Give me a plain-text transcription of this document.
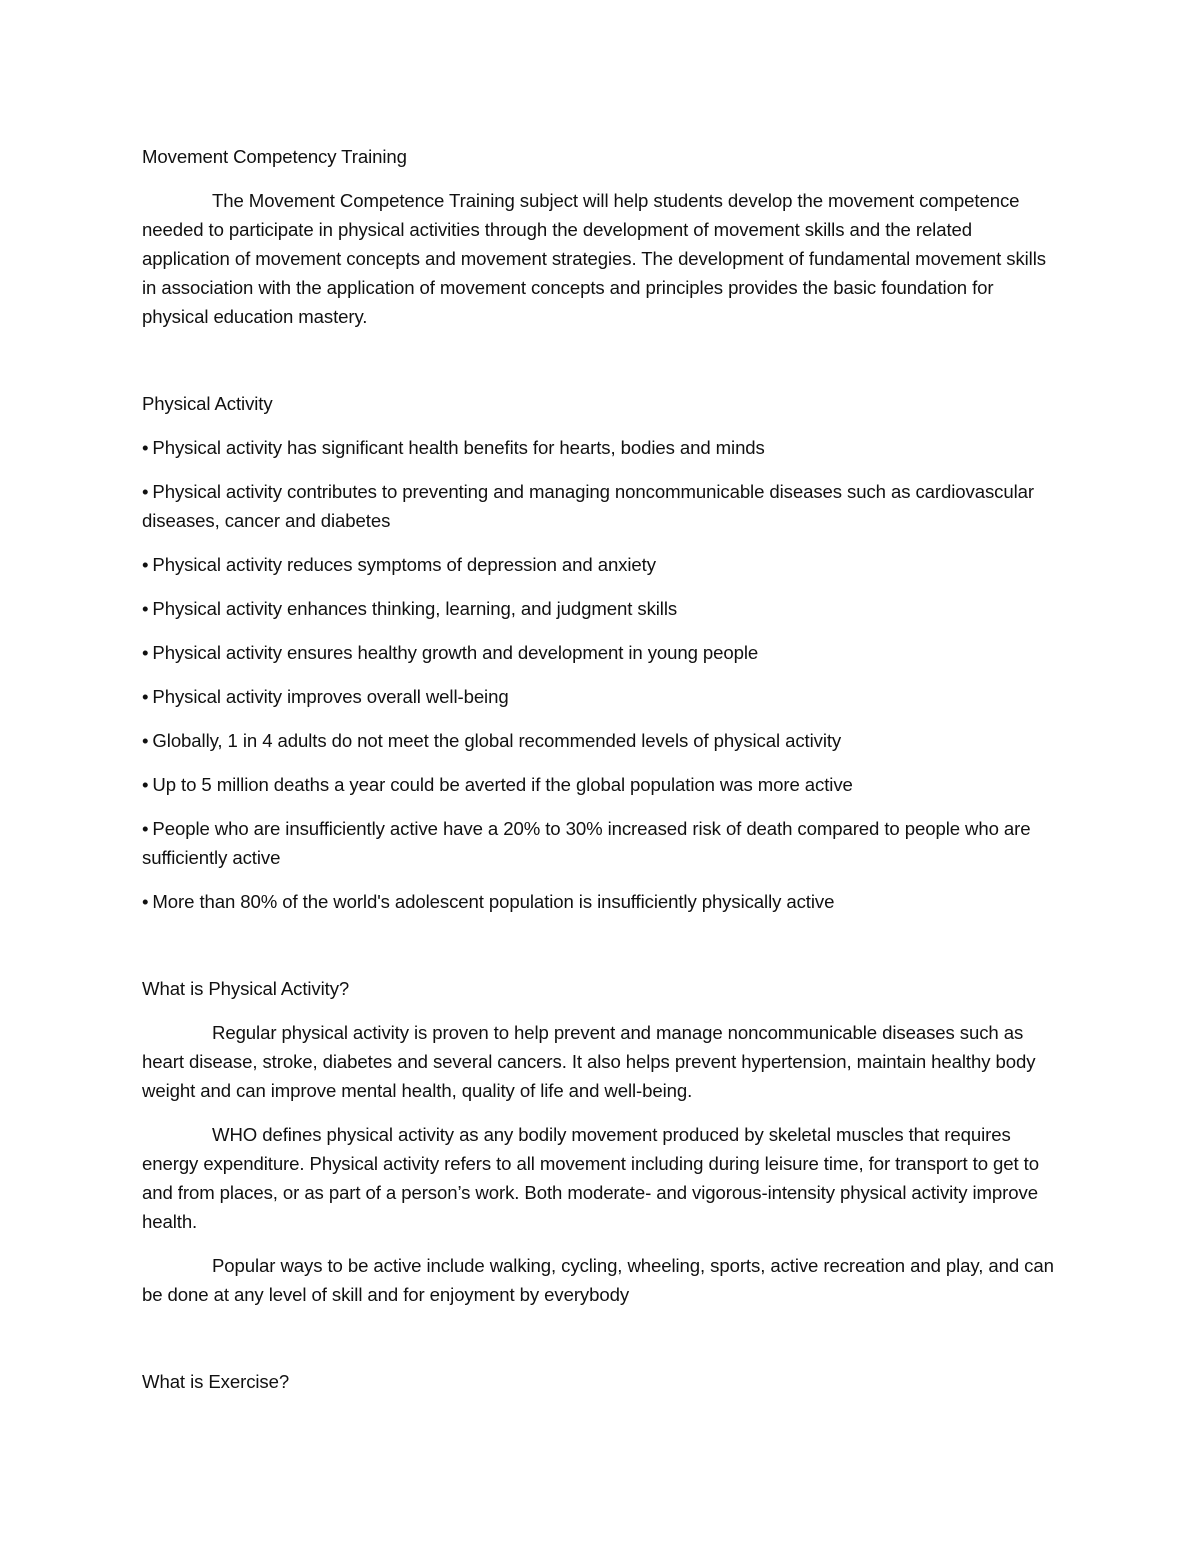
Movement Competency Training

The Movement Competence Training subject will help students develop the movement competence needed to participate in physical activities through the development of movement skills and the related application of movement concepts and movement strategies. The development of fundamental movement skills in association with the application of movement concepts and principles provides the basic foundation for physical education mastery.

Physical Activity
• Physical activity has significant health benefits for hearts, bodies and minds
• Physical activity contributes to preventing and managing noncommunicable diseases such as cardiovascular diseases, cancer and diabetes
• Physical activity reduces symptoms of depression and anxiety
• Physical activity enhances thinking, learning, and judgment skills
• Physical activity ensures healthy growth and development in young people
• Physical activity improves overall well-being
• Globally, 1 in 4 adults do not meet the global recommended levels of physical activity
• Up to 5 million deaths a year could be averted if the global population was more active
• People who are insufficiently active have a 20% to 30% increased risk of death compared to people who are sufficiently active
• More than 80% of the world's adolescent population is insufficiently physically active
What is Physical Activity?

Regular physical activity is proven to help prevent and manage noncommunicable diseases such as heart disease, stroke, diabetes and several cancers. It also helps prevent hypertension, maintain healthy body weight and can improve mental health, quality of life and well-being.

WHO defines physical activity as any bodily movement produced by skeletal muscles that requires energy expenditure. Physical activity refers to all movement including during leisure time, for transport to get to and from places, or as part of a person’s work. Both moderate- and vigorous-intensity physical activity improve health.

Popular ways to be active include walking, cycling, wheeling, sports, active recreation and play, and can be done at any level of skill and for enjoyment by everybody

What is Exercise?
